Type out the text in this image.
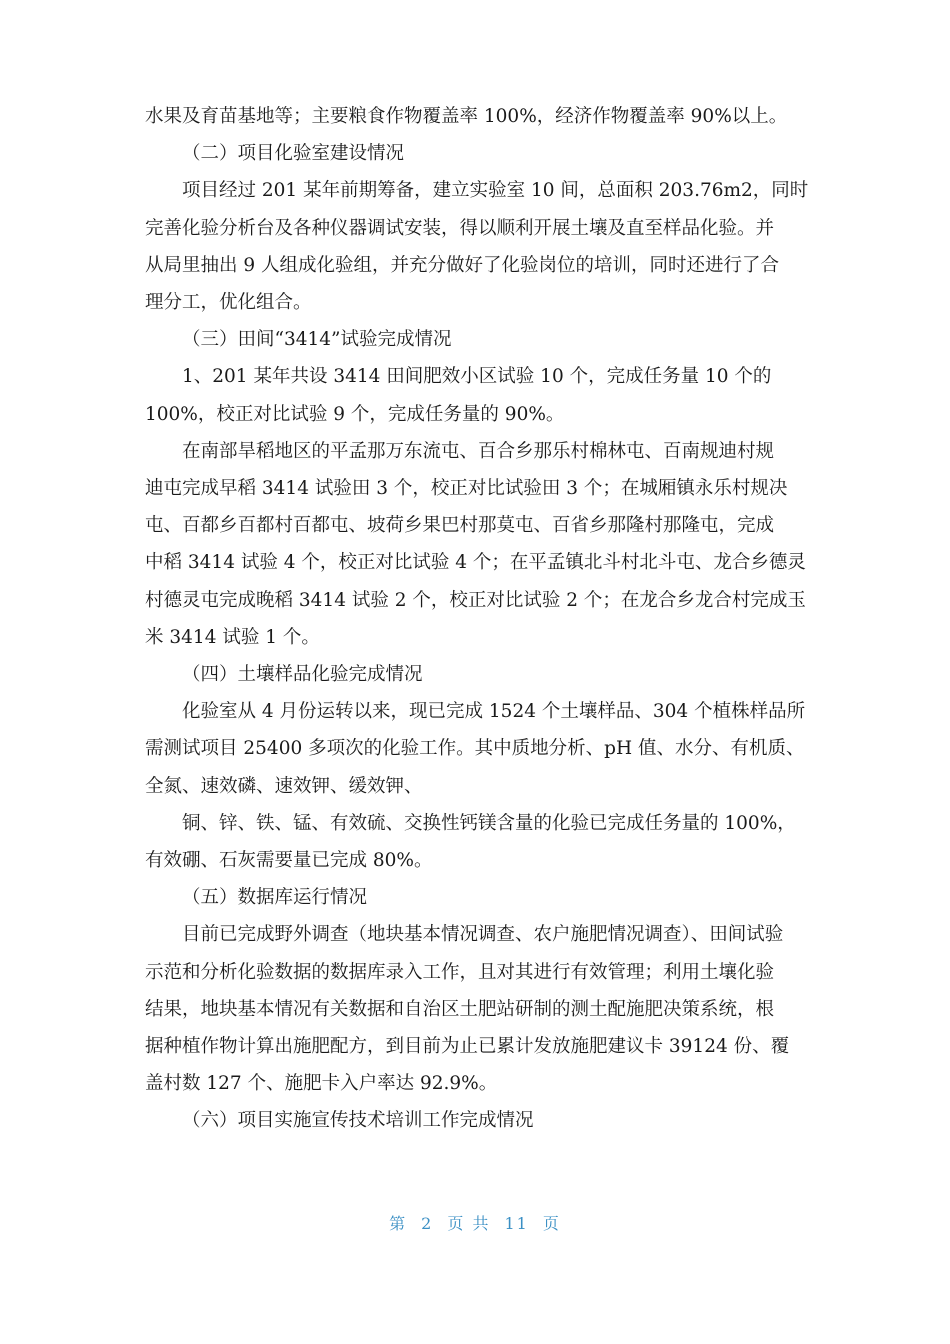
水果及育苗基地等；主要粮食作物覆盖率 100%，经济作物覆盖率 90%以上。

（二）项目化验室建设情况

项目经过 201 某年前期筹备，建立实验室 10 间，总面积 203.76m2，同时

完善化验分析台及各种仪器调试安装，得以顺利开展土壤及直至样品化验。并

从局里抽出 9 人组成化验组，并充分做好了化验岗位的培训，同时还进行了合

理分工，优化组合。

（三）田间“3414”试验完成情况

1、201 某年共设 3414 田间肥效小区试验 10 个，完成任务量 10 个的

100%，校正对比试验 9 个，完成任务量的 90%。

在南部旱稻地区的平孟那万东流屯、百合乡那乐村棉林屯、百南规迪村规

迪屯完成早稻 3414 试验田 3 个，校正对比试验田 3 个；在城厢镇永乐村规决

屯、百都乡百都村百都屯、坡荷乡果巴村那莫屯、百省乡那隆村那隆屯，完成

中稻 3414 试验 4 个，校正对比试验 4 个；在平孟镇北斗村北斗屯、龙合乡德灵

村德灵屯完成晚稻 3414 试验 2 个，校正对比试验 2 个；在龙合乡龙合村完成玉

米 3414 试验 1 个。

（四）土壤样品化验完成情况

化验室从 4 月份运转以来，现已完成 1524 个土壤样品、304 个植株样品所

需测试项目 25400 多项次的化验工作。其中质地分析、pH 值、水分、有机质、

全氮、速效磷、速效钾、缓效钾、

铜、锌、铁、锰、有效硫、交换性钙镁含量的化验已完成任务量的 100%，

有效硼、石灰需要量已完成 80%。

（五）数据库运行情况

目前已完成野外调查（地块基本情况调查、农户施肥情况调查）、田间试验

示范和分析化验数据的数据库录入工作，且对其进行有效管理；利用土壤化验

结果，地块基本情况有关数据和自治区土肥站研制的测土配施肥决策系统，根

据种植作物计算出施肥配方，到目前为止已累计发放施肥建议卡 39124 份、覆

盖村数 127 个、施肥卡入户率达 92.9%。

（六）项目实施宣传技术培训工作完成情况

第 2 页 共 11 页
